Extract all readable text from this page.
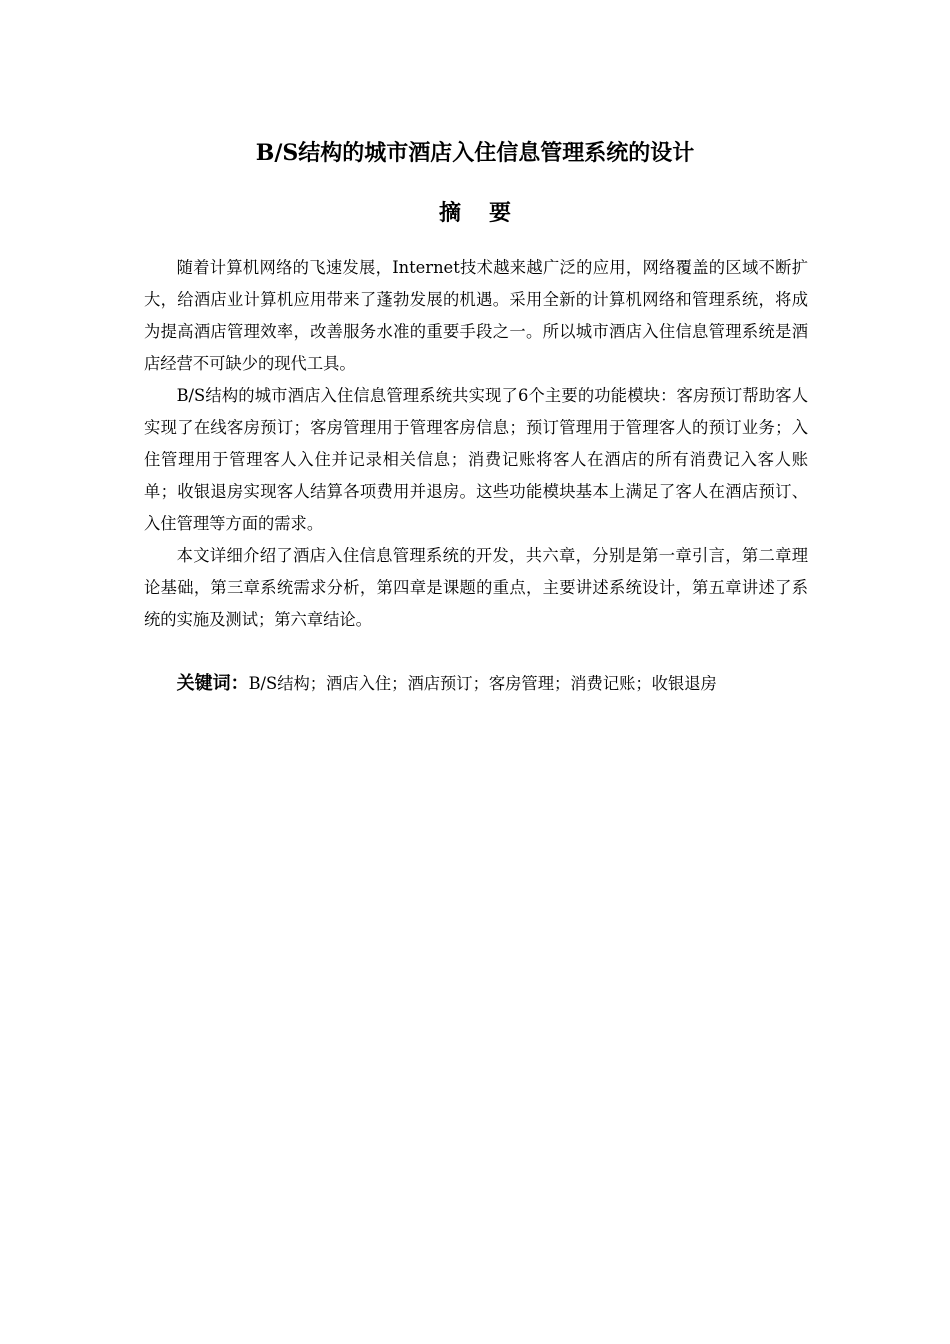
B/S结构的城市酒店入住信息管理系统的设计
摘要

随着计算机网络的飞速发展，Internet技术越来越广泛的应用，网络覆盖的区域不断扩大，给酒店业计算机应用带来了蓬勃发展的机遇。采用全新的计算机网络和管理系统，将成为提高酒店管理效率，改善服务水准的重要手段之一。所以城市酒店入住信息管理系统是酒店经营不可缺少的现代工具。

B/S结构的城市酒店入住信息管理系统共实现了6个主要的功能模块：客房预订帮助客人实现了在线客房预订；客房管理用于管理客房信息；预订管理用于管理客人的预订业务；入住管理用于管理客人入住并记录相关信息；消费记账将客人在酒店的所有消费记入客人账单；收银退房实现客人结算各项费用并退房。这些功能模块基本上满足了客人在酒店预订、入住管理等方面的需求。

本文详细介绍了酒店入住信息管理系统的开发，共六章，分别是第一章引言，第二章理论基础，第三章系统需求分析，第四章是课题的重点，主要讲述系统设计，第五章讲述了系统的实施及测试；第六章结论。

关键词：B/S结构；酒店入住；酒店预订；客房管理；消费记账；收银退房
